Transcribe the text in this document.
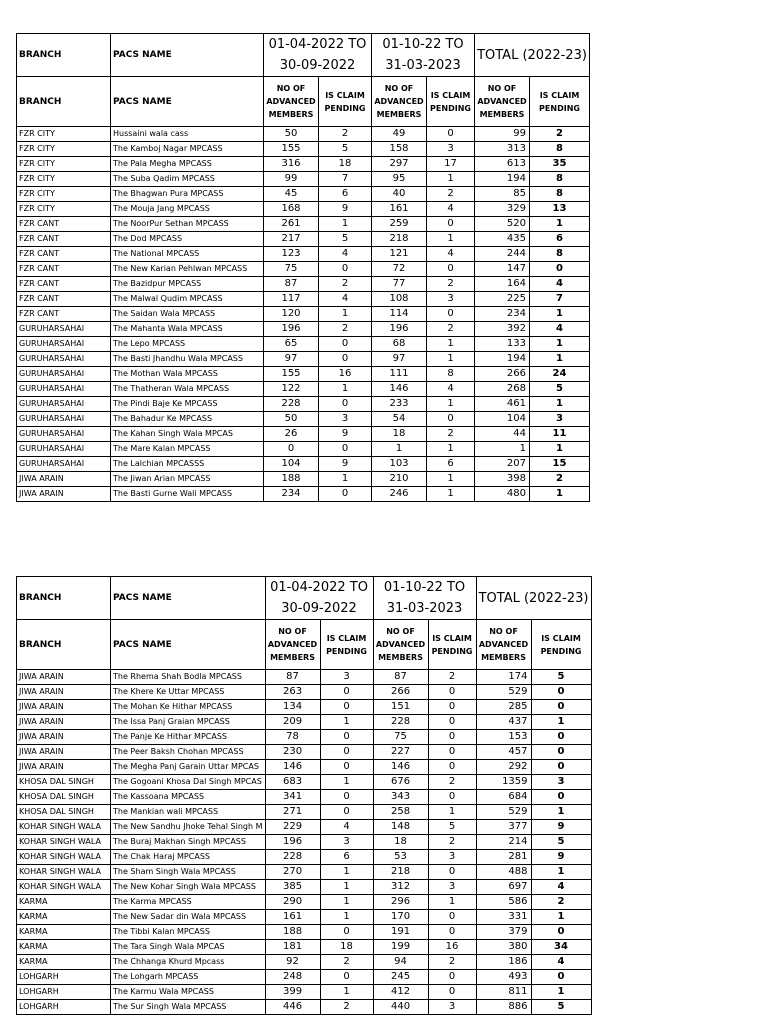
BRANCH	PACS NAME	01-04-2022 TO 30-09-2022		01-10-22 TO 31-03-2023		TOTAL (2022-23)	
BRANCH	PACS NAME	NO OF ADVANCED MEMBERS	IS CLAIM PENDING	NO OF ADVANCED MEMBERS	IS CLAIM PENDING	NO OF ADVANCED MEMBERS	IS CLAIM PENDING
FZR CITY	Hussaini wala cass	50	2	49	0	99	2
FZR CITY	The Kamboj Nagar MPCASS	155	5	158	3	313	8
FZR CITY	The Pala Megha MPCASS	316	18	297	17	613	35
FZR CITY	The Suba Qadim MPCASS	99	7	95	1	194	8
FZR CITY	The Bhagwan Pura MPCASS	45	6	40	2	85	8
FZR CITY	The Mouja Jang MPCASS	168	9	161	4	329	13
FZR CANT	The NoorPur Sethan MPCASS	261	1	259	0	520	1
FZR CANT	The Dod MPCASS	217	5	218	1	435	6
FZR CANT	The National MPCASS	123	4	121	4	244	8
FZR CANT	The New Karian Pehlwan MPCASS	75	0	72	0	147	0
FZR CANT	The Bazidpur MPCASS	87	2	77	2	164	4
FZR CANT	The Malwal Qudim MPCASS	117	4	108	3	225	7
FZR CANT	The Saidan Wala MPCASS	120	1	114	0	234	1
GURUHARSAHAI	The Mahanta Wala MPCASS	196	2	196	2	392	4
GURUHARSAHAI	The Lepo MPCASS	65	0	68	1	133	1
GURUHARSAHAI	The Basti Jhandhu Wala MPCASS	97	0	97	1	194	1
GURUHARSAHAI	The Mothan Wala MPCASS	155	16	111	8	266	24
GURUHARSAHAI	The Thatheran Wala MPCASS	122	1	146	4	268	5
GURUHARSAHAI	The Pindi Baje Ke MPCASS	228	0	233	1	461	1
GURUHARSAHAI	The Bahadur Ke MPCASS	50	3	54	0	104	3
GURUHARSAHAI	The Kahan Singh Wala MPCAS	26	9	18	2	44	11
GURUHARSAHAI	The Mare Kalan MPCASS	0	0	1	1	1	1
GURUHARSAHAI	The Lalchian MPCASSS	104	9	103	6	207	15
JIWA ARAIN	The Jiwan Arian MPCASS	188	1	210	1	398	2
JIWA ARAIN	The Basti Gurne Wali MPCASS	234	0	246	1	480	1
BRANCH	PACS NAME	01-04-2022 TO 30-09-2022		01-10-22 TO 31-03-2023		TOTAL (2022-23)	
BRANCH	PACS NAME	NO OF ADVANCED MEMBERS	IS CLAIM PENDING	NO OF ADVANCED MEMBERS	IS CLAIM PENDING	NO OF ADVANCED MEMBERS	IS CLAIM PENDING
JIWA ARAIN	The Rhema Shah Bodla MPCASS	87	3	87	2	174	5
JIWA ARAIN	The Khere Ke Uttar MPCASS	263	0	266	0	529	0
JIWA ARAIN	The Mohan Ke Hithar MPCASS	134	0	151	0	285	0
JIWA ARAIN	The Issa Panj Graian MPCASS	209	1	228	0	437	1
JIWA ARAIN	The Panje Ke Hithar MPCASS	78	0	75	0	153	0
JIWA ARAIN	The Peer Baksh Chohan MPCASS	230	0	227	0	457	0
JIWA ARAIN	The Megha Panj Garain Uttar MPCAS	146	0	146	0	292	0
KHOSA DAL SINGH	The Gogoani Khosa Dal Singh MPCAS	683	1	676	2	1359	3
KHOSA DAL SINGH	The Kassoana MPCASS	341	0	343	0	684	0
KHOSA DAL SINGH	The Mankian wali MPCASS	271	0	258	1	529	1
KOHAR SINGH WALA	The New Sandhu Jhoke Tehal Singh M	229	4	148	5	377	9
KOHAR SINGH WALA	The Buraj Makhan Singh MPCASS	196	3	18	2	214	5
KOHAR SINGH WALA	The Chak Haraj MPCASS	228	6	53	3	281	9
KOHAR SINGH WALA	The Sham Singh Wala MPCASS	270	1	218	0	488	1
KOHAR SINGH WALA	The New Kohar Singh Wala MPCASS	385	1	312	3	697	4
KARMA	The Karma MPCASS	290	1	296	1	586	2
KARMA	The New Sadar din Wala MPCASS	161	1	170	0	331	1
KARMA	The Tibbi Kalan MPCASS	188	0	191	0	379	0
KARMA	The Tara Singh Wala MPCAS	181	18	199	16	380	34
KARMA	The Chhanga Khurd Mpcass	92	2	94	2	186	4
LOHGARH	The Lohgarh MPCASS	248	0	245	0	493	0
LOHGARH	The Karmu Wala MPCASS	399	1	412	0	811	1
LOHGARH	The Sur Singh Wala MPCASS	446	2	440	3	886	5
